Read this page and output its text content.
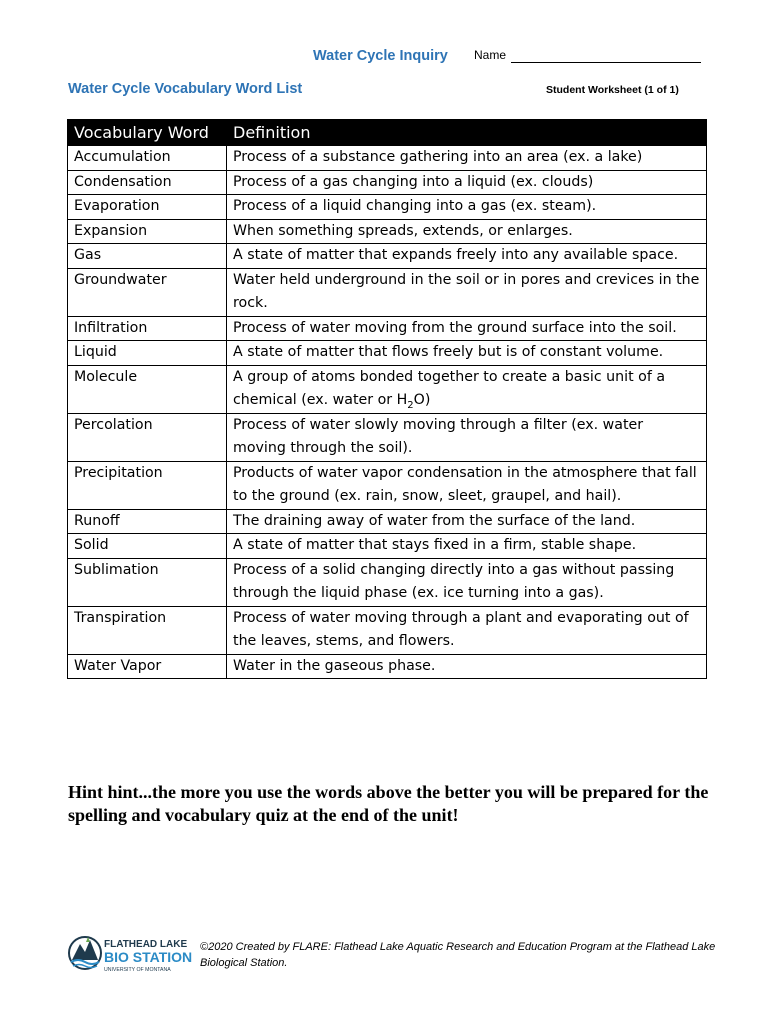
Water Cycle Inquiry Name
Water Cycle Vocabulary Word List	Student Worksheet (1 of 1)
Vocabulary Word	Definition
Accumulation	Process of a substance gathering into an area (ex. a lake)
Condensation	Process of a gas changing into a liquid (ex. clouds)
Evaporation	Process of a liquid changing into a gas (ex. steam).
Expansion	When something spreads, extends, or enlarges.
Gas	A state of matter that expands freely into any available space.
Groundwater	Water held underground in the soil or in pores and crevices in the rock.
Infiltration	Process of water moving from the ground surface into the soil.
Liquid	A state of matter that flows freely but is of constant volume.
Molecule	A group of atoms bonded together to create a basic unit of a chemical (ex. water or $H_2O$)
Percolation	Process of water slowly moving through a filter (ex. water moving through the soil).
Precipitation	Products of water vapor condensation in the atmosphere that fall to the ground (ex. rain, snow, sleet, graupel, and hail).
Runoff	The draining away of water from the surface of the land.
Solid	A state of matter that stays fixed in a firm, stable shape.
Sublimation	Process of a solid changing directly into a gas without passing through the liquid phase (ex. ice turning into a gas).
Transpiration	Process of water moving through a plant and evaporating out of the leaves, stems, and flowers.
Water Vapor	Water in the gaseous phase.
Hint hint...the more you use the words above the better you will be prepared for the spelling and vocabulary quiz at the end of the unit!
FLATHEAD LAKE
BIO STATION
UNIVERSITY OF MONTANA
©2020 Created by FLARE: Flathead Lake Aquatic Research and Education Program at the Flathead Lake Biological Station.
